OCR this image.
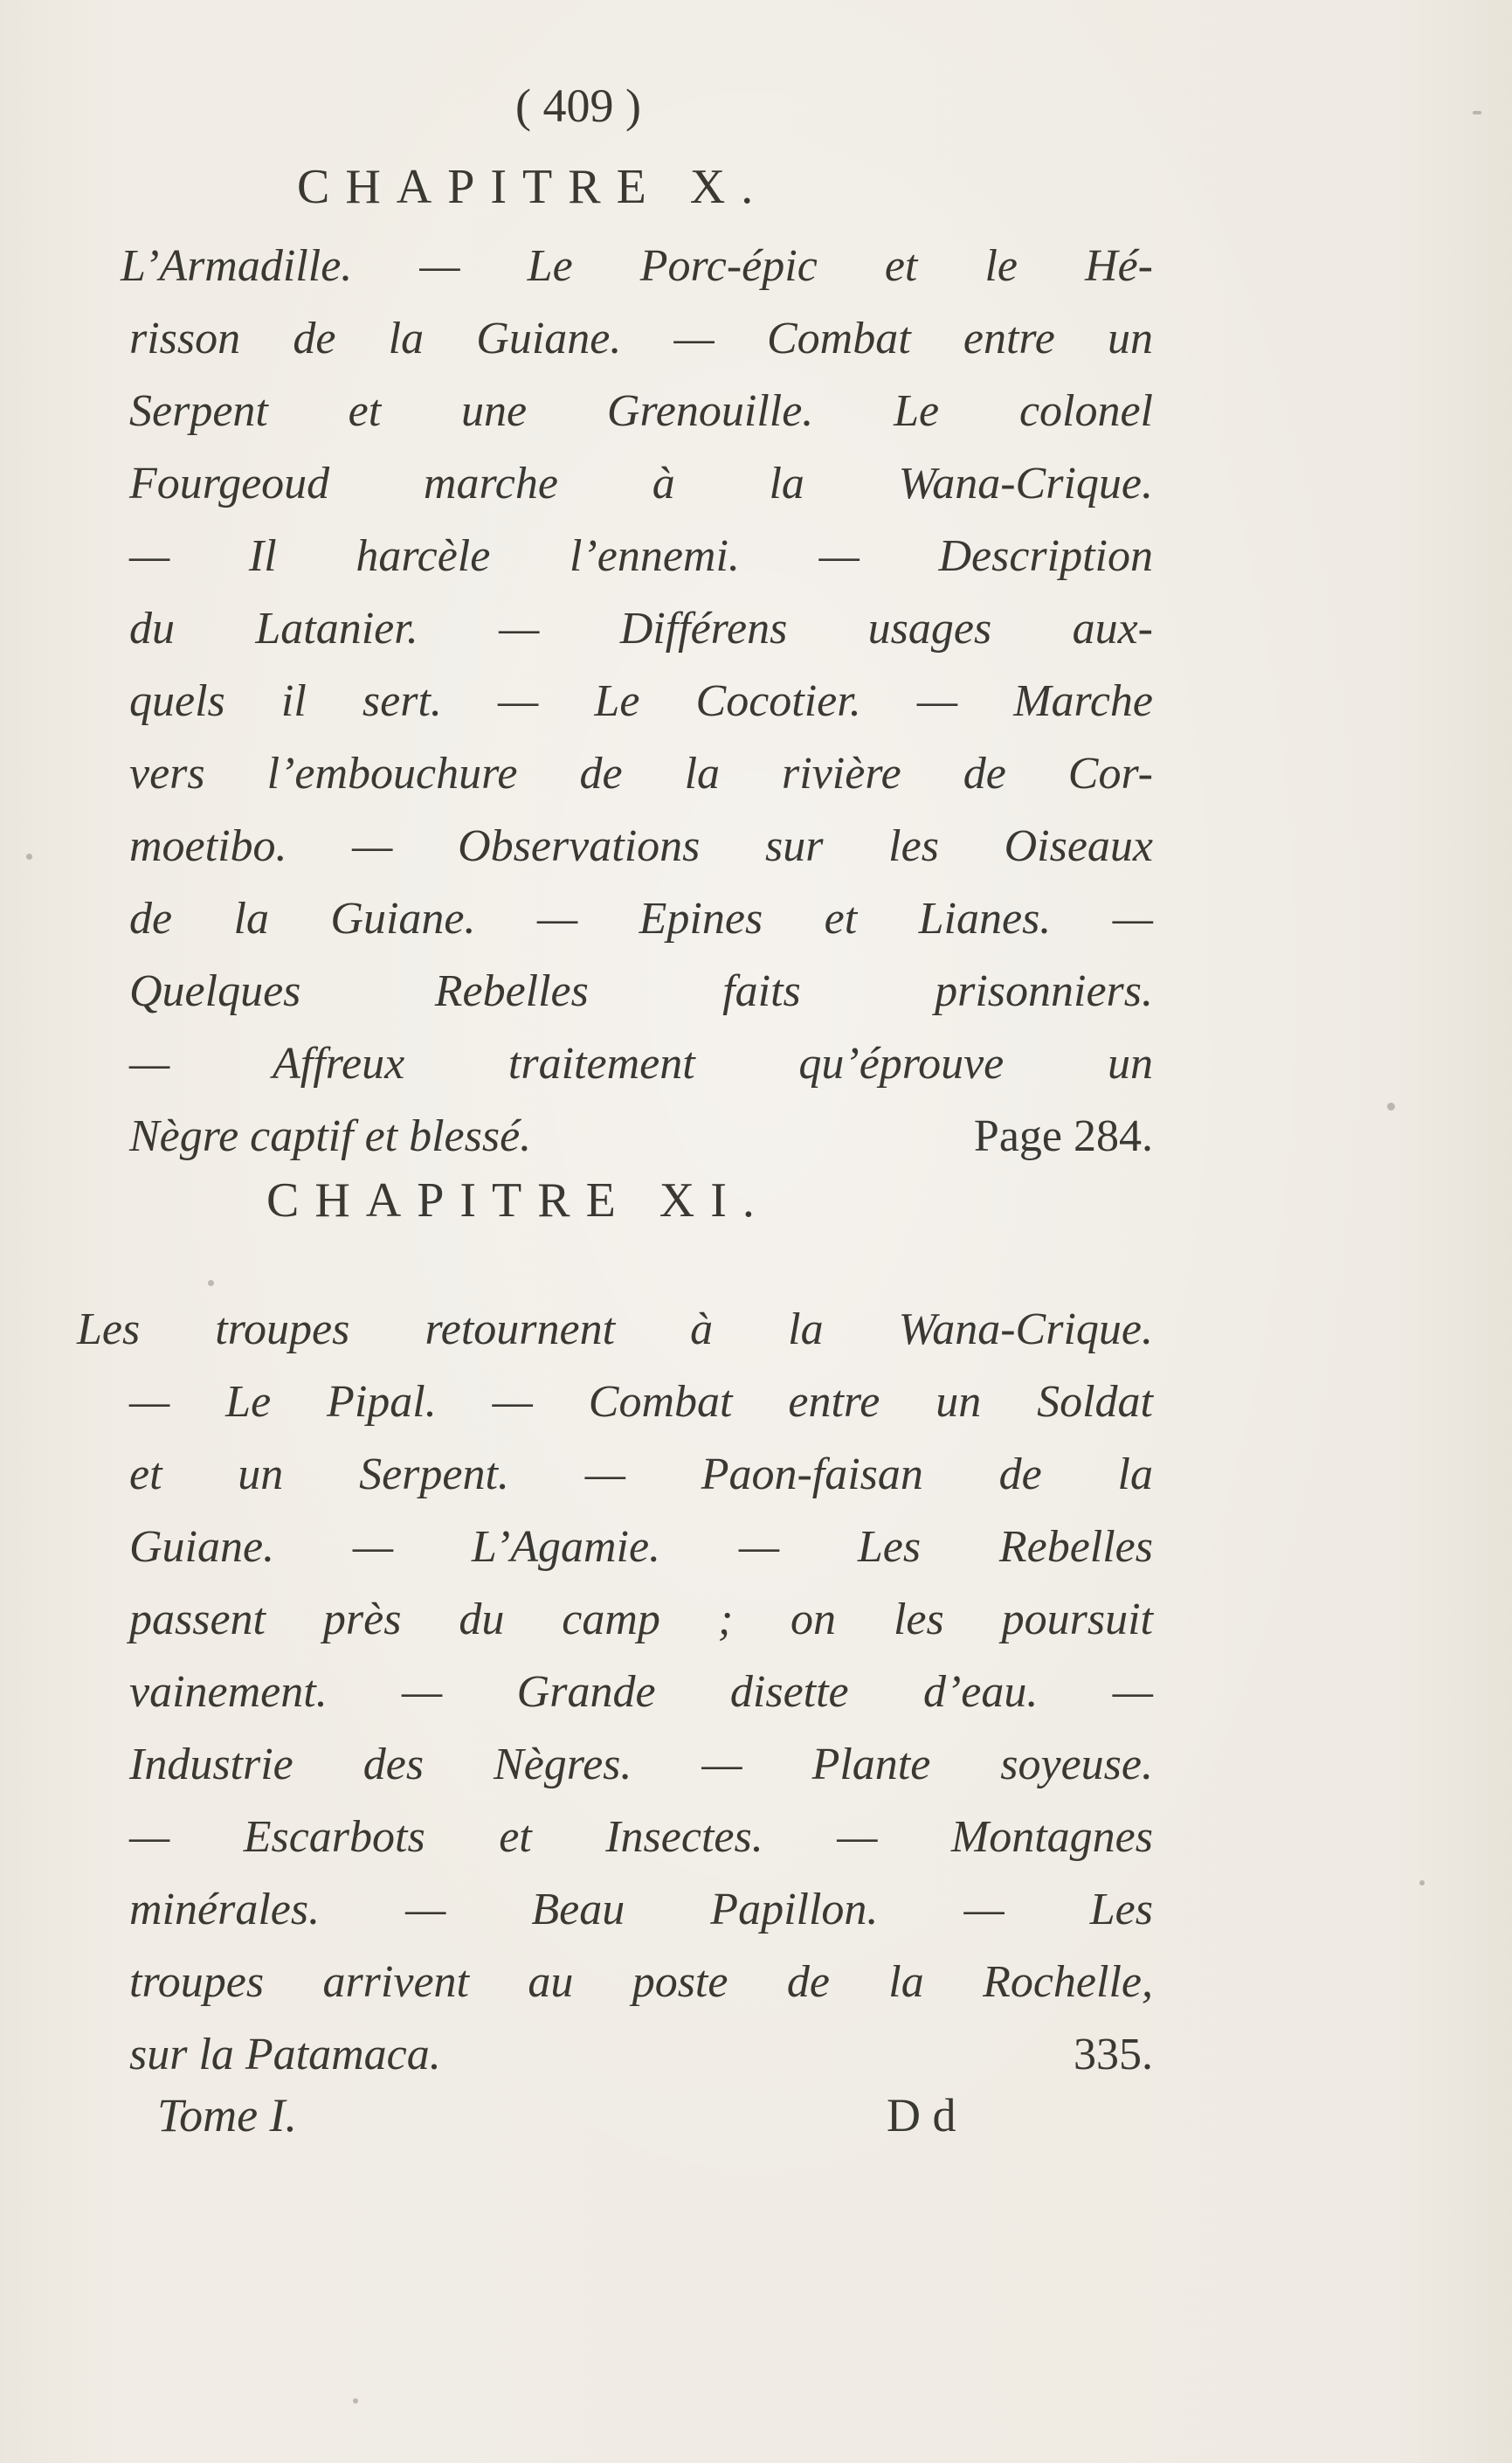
( 409 )
CHAPITRE X.
L’Armadille. — Le Porc-épic et le Hé-
risson de la Guiane. — Combat entre un
Serpent et une Grenouille. Le colonel
Fourgeoud marche à la Wana-Crique.
— Il harcèle l’ennemi. — Description
du Latanier. — Différens usages aux-
quels il sert. — Le Cocotier. — Marche
vers l’embouchure de la rivière de Cor-
moetibo. — Observations sur les Oiseaux
de la Guiane. — Epines et Lianes. —
Quelques Rebelles faits prisonniers.
— Affreux traitement qu’éprouve un
Nègre captif et blessé.	Page 284.
CHAPITRE XI.
Les troupes retournent à la Wana-Crique.
— Le Pipal. — Combat entre un Soldat
et un Serpent. — Paon-faisan de la
Guiane. — L’Agamie. — Les Rebelles
passent près du camp ; on les poursuit
vainement. — Grande disette d’eau. —
Industrie des Nègres. — Plante soyeuse.
— Escarbots et Insectes. — Montagnes
minérales. — Beau Papillon. — Les
troupes arrivent au poste de la Rochelle,
sur la Patamaca.	335.
Tome I.	D d
